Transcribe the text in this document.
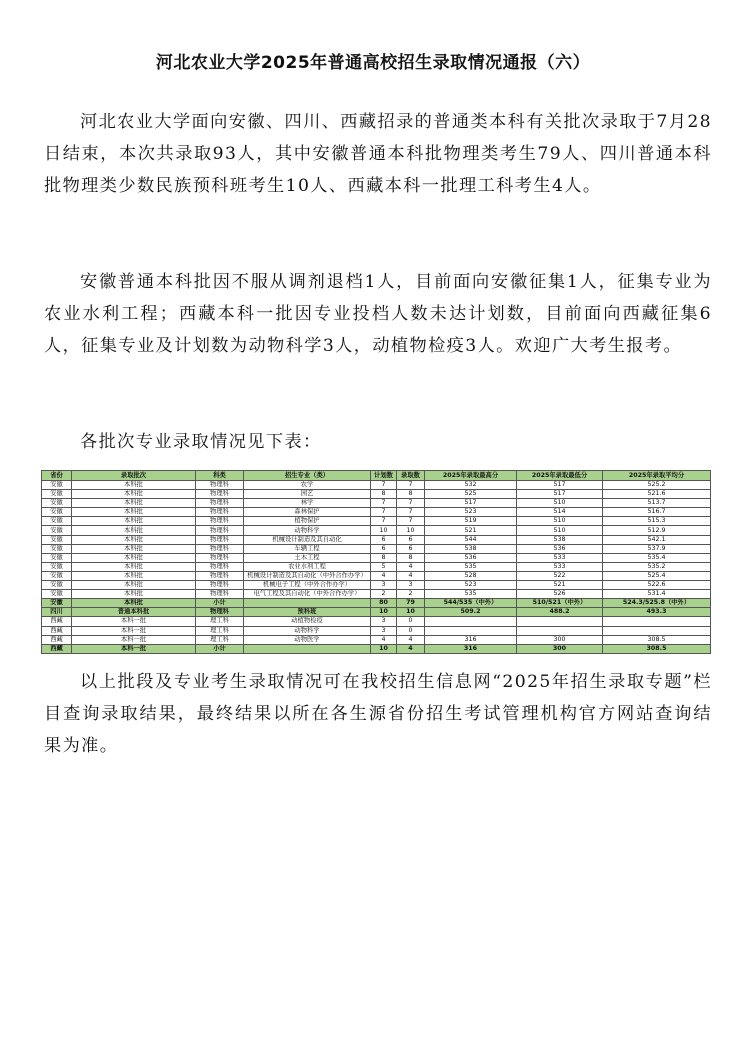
河北农业大学2025年普通高校招生录取情况通报（六）

河北农业大学面向安徽、四川、西藏招录的普通类本科有关批次录取于7月28日结束，本次共录取93人，其中安徽普通本科批物理类考生79人、四川普通本科批物理类少数民族预科班考生10人、西藏本科一批理工科考生4人。

安徽普通本科批因不服从调剂退档1人，目前面向安徽征集1人，征集专业为农业水利工程；西藏本科一批因专业投档人数未达计划数，目前面向西藏征集6人，征集专业及计划数为动物科学3人，动植物检疫3人。欢迎广大考生报考。

各批次专业录取情况见下表：

省份	录取批次	科类	招生专业（类）	计划数	录取数	2025年录取最高分	2025年录取最低分	2025年录取平均分
安徽	本科批	物理科	农学	7	7	532	517	525.2
安徽	本科批	物理科	园艺	8	8	525	517	521.6
安徽	本科批	物理科	林学	7	7	517	510	513.7
安徽	本科批	物理科	森林保护	7	7	523	514	516.7
安徽	本科批	物理科	植物保护	7	7	519	510	515.3
安徽	本科批	物理科	动物科学	10	10	521	510	512.9
安徽	本科批	物理科	机械设计制造及其自动化	6	6	544	538	542.1
安徽	本科批	物理科	车辆工程	6	6	538	536	537.9
安徽	本科批	物理科	土木工程	8	8	536	533	535.4
安徽	本科批	物理科	农业水利工程	5	4	535	533	535.2
安徽	本科批	物理科	机械设计制造及其自动化（中外合作办学）	4	4	528	522	525.4
安徽	本科批	物理科	机械电子工程（中外合作办学）	3	3	523	521	522.6
安徽	本科批	物理科	电气工程及其自动化（中外合作办学）	2	2	535	526	531.4
安徽	本科批	小计		80	79	544/535（中外）	510/521（中外）	524.3/525.8（中外）
四川	普通本科批	物理科	预科班	10	10	509.2	488.2	493.3
西藏	本科一批	理工科	动植物检疫	3	0			
西藏	本科一批	理工科	动物科学	3	0			
西藏	本科一批	理工科	动物医学	4	4	316	300	308.5
西藏	本科一批	小计		10	4	316	300	308.5

以上批段及专业考生录取情况可在我校招生信息网“2025年招生录取专题”栏目查询录取结果，最终结果以所在各生源省份招生考试管理机构官方网站查询结果为准。
